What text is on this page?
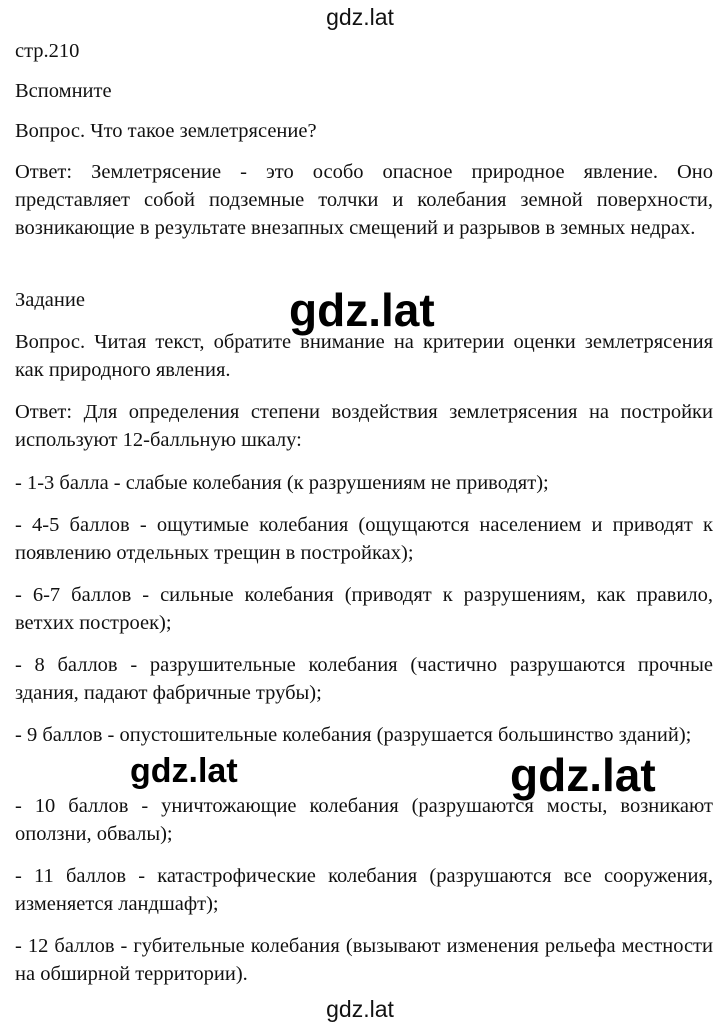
gdz.lat

стр.210

Вспомните

Вопрос. Что такое землетрясение?

Ответ: Землетрясение - это особо опасное природное явление. Оно представляет собой подземные толчки и колебания земной поверхности, возникающие в результате внезапных смещений и разрывов в земных недрах.

Задание

Вопрос. Читая текст, обратите внимание на критерии оценки землетрясения как природного явления.

Ответ: Для определения степени воздействия землетрясения на постройки используют 12-балльную шкалу:

- 1-3 балла - слабые колебания (к разрушениям не приводят);

- 4-5 баллов - ощутимые колебания (ощущаются населением и приводят к появлению отдельных трещин в постройках);

- 6-7 баллов - сильные колебания (приводят к разрушениям, как правило, ветхих построек);

- 8 баллов - разрушительные колебания (частично разрушаются прочные здания, падают фабричные трубы);

- 9 баллов - опустошительные колебания (разрушается большинство зданий);

- 10 баллов - уничтожающие колебания (разрушаются мосты, возникают оползни, обвалы);

- 11 баллов - катастрофические колебания (разрушаются все сооружения, изменяется ландшафт);

- 12 баллов - губительные колебания (вызывают изменения рельефа местности на обширной территории).

gdz.lat
gdz.lat	gdz.lat
gdz.lat
